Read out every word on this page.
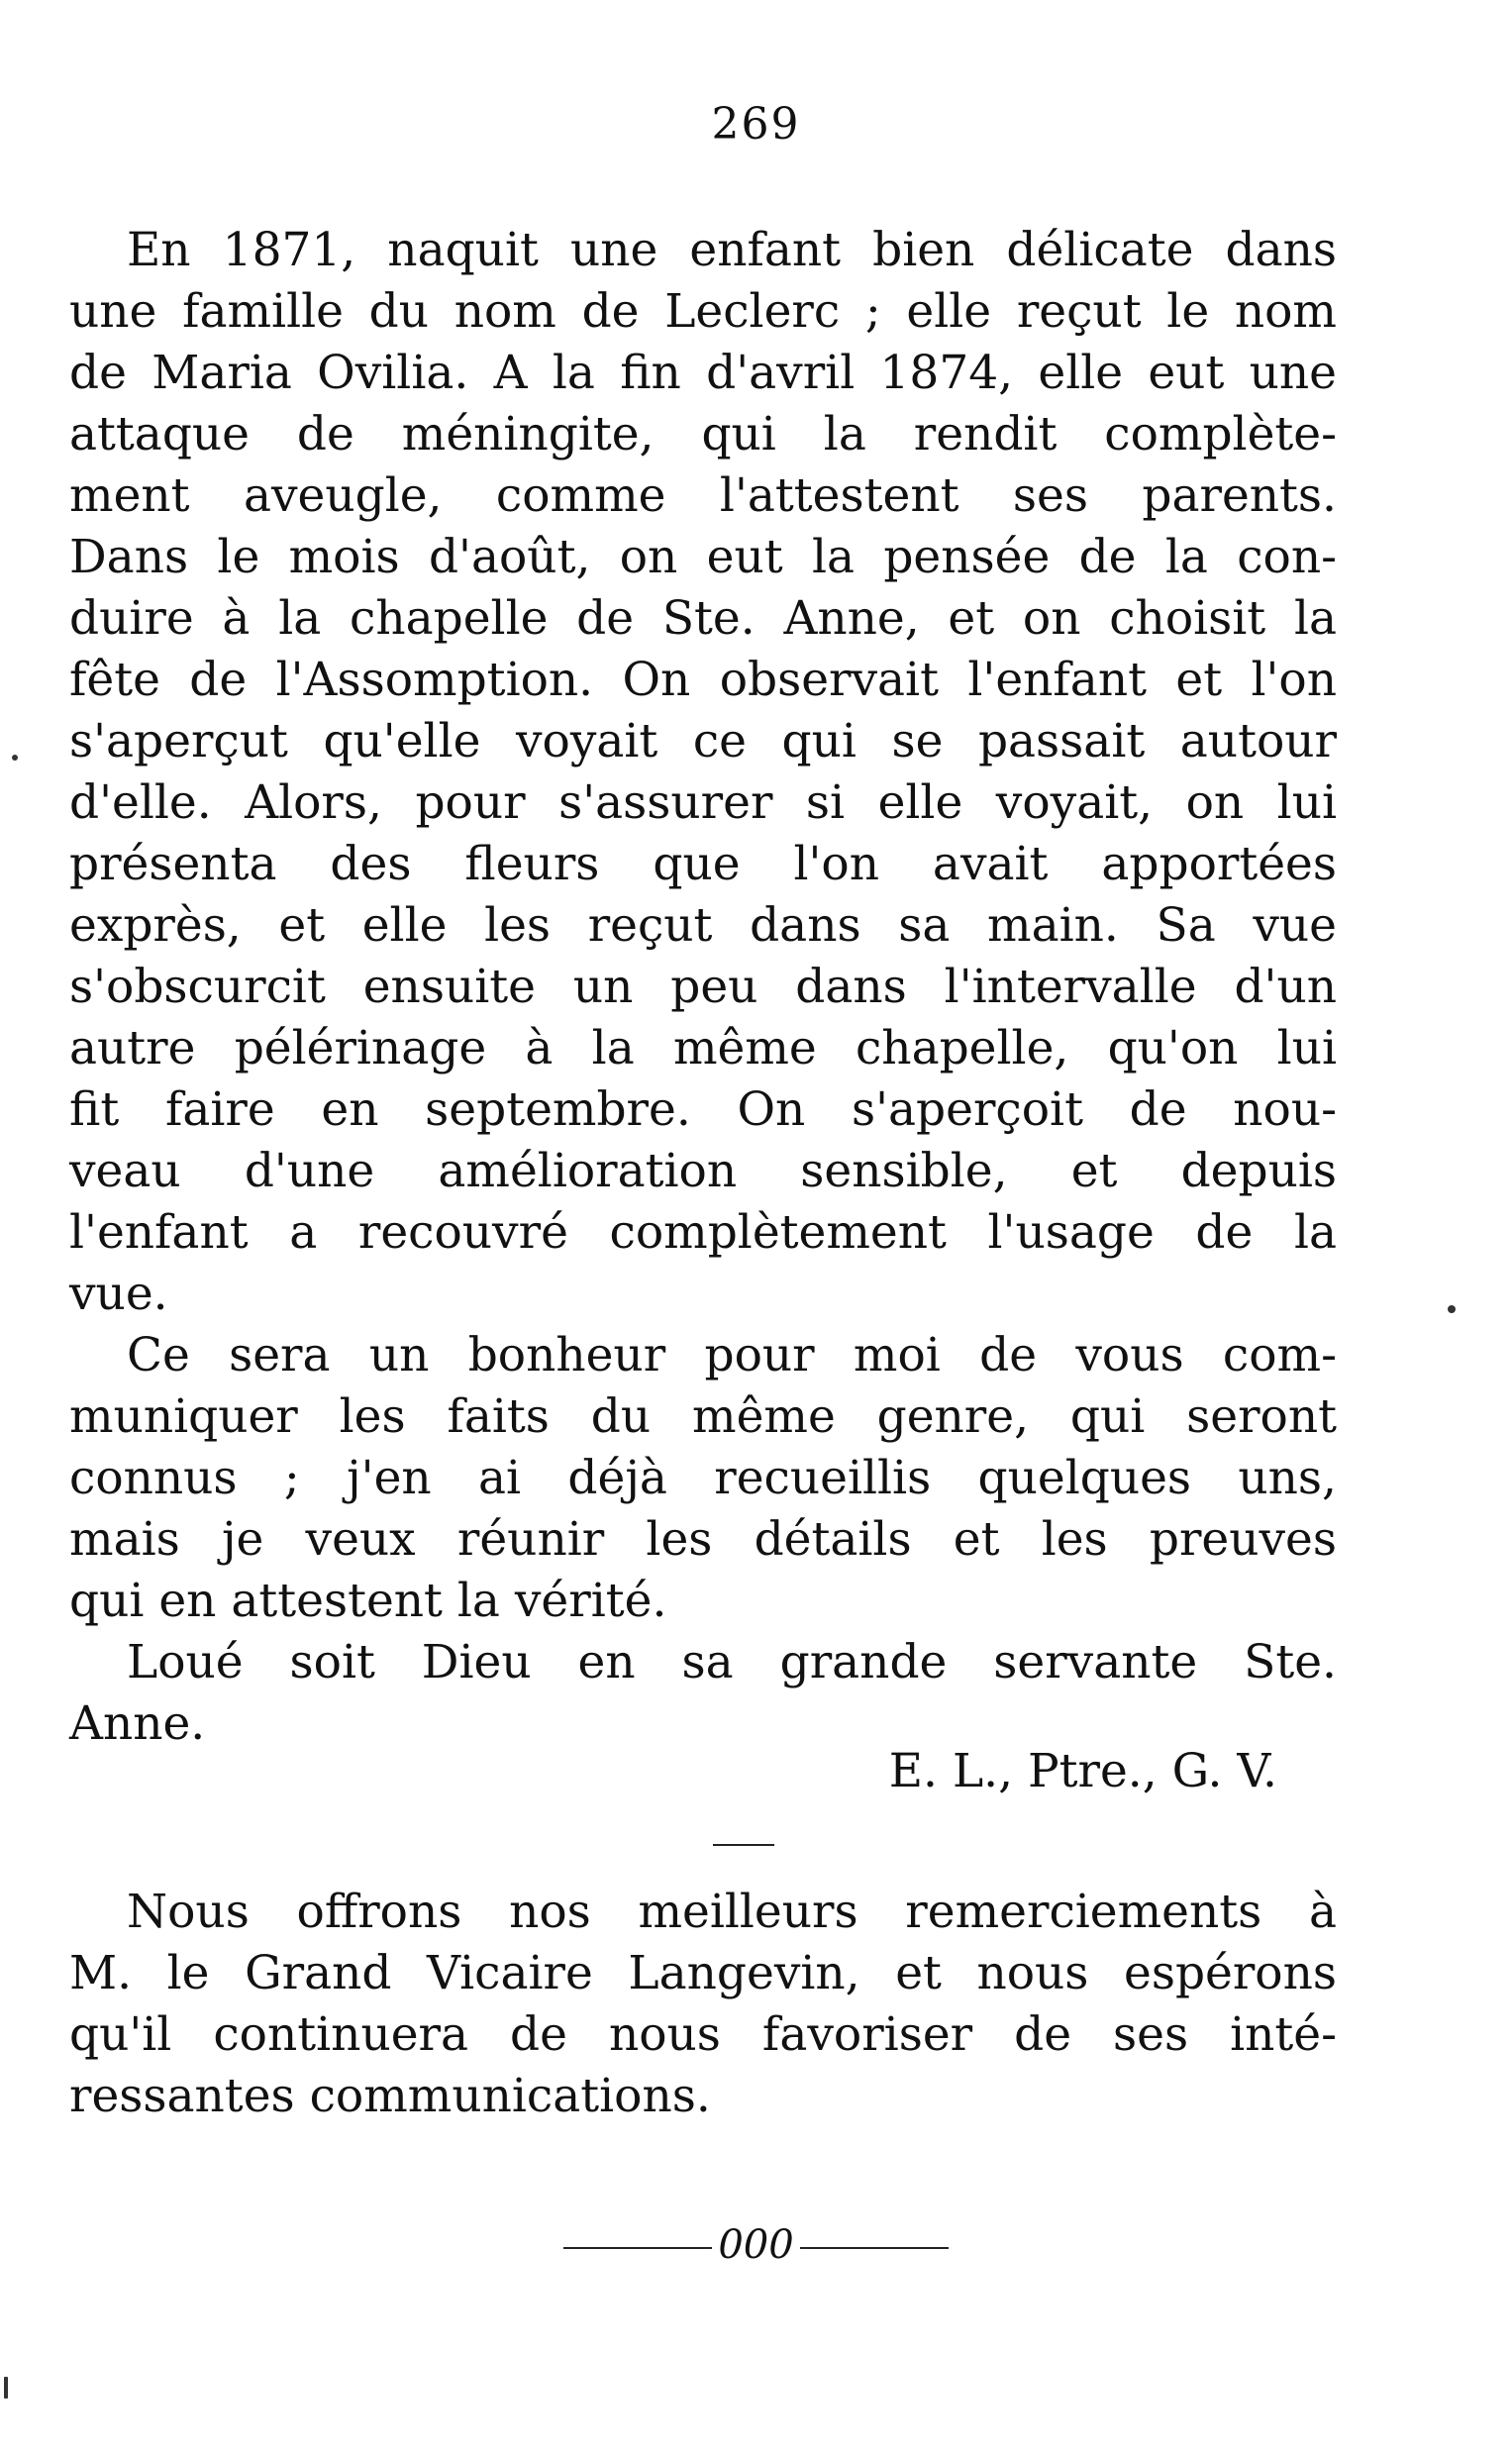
269
En 1871, naquit une enfant bien délicate dans
une famille du nom de Leclerc ; elle reçut le nom
de Maria Ovilia. A la fin d'avril 1874, elle eut une
attaque de méningite, qui la rendit complète-
ment aveugle, comme l'attestent ses parents.
Dans le mois d'août, on eut la pensée de la con-
duire à la chapelle de Ste. Anne, et on choisit la
fête de l'Assomption. On observait l'enfant et l'on
s'aperçut qu'elle voyait ce qui se passait autour
d'elle. Alors, pour s'assurer si elle voyait, on lui
présenta des fleurs que l'on avait apportées
exprès, et elle les reçut dans sa main. Sa vue
s'obscurcit ensuite un peu dans l'intervalle d'un
autre pélérinage à la même chapelle, qu'on lui
fit faire en septembre. On s'aperçoit de nou-
veau d'une amélioration sensible, et depuis
l'enfant a recouvré complètement l'usage de la
vue.
Ce sera un bonheur pour moi de vous com-
muniquer les faits du même genre, qui seront
connus ; j'en ai déjà recueillis quelques uns,
mais je veux réunir les détails et les preuves
qui en attestent la vérité.
Loué soit Dieu en sa grande servante Ste.
Anne.
E. L., Ptre., G. V.
Nous offrons nos meilleurs remerciements à
M. le Grand Vicaire Langevin, et nous espérons
qu'il continuera de nous favoriser de ses inté-
ressantes communications.
000
